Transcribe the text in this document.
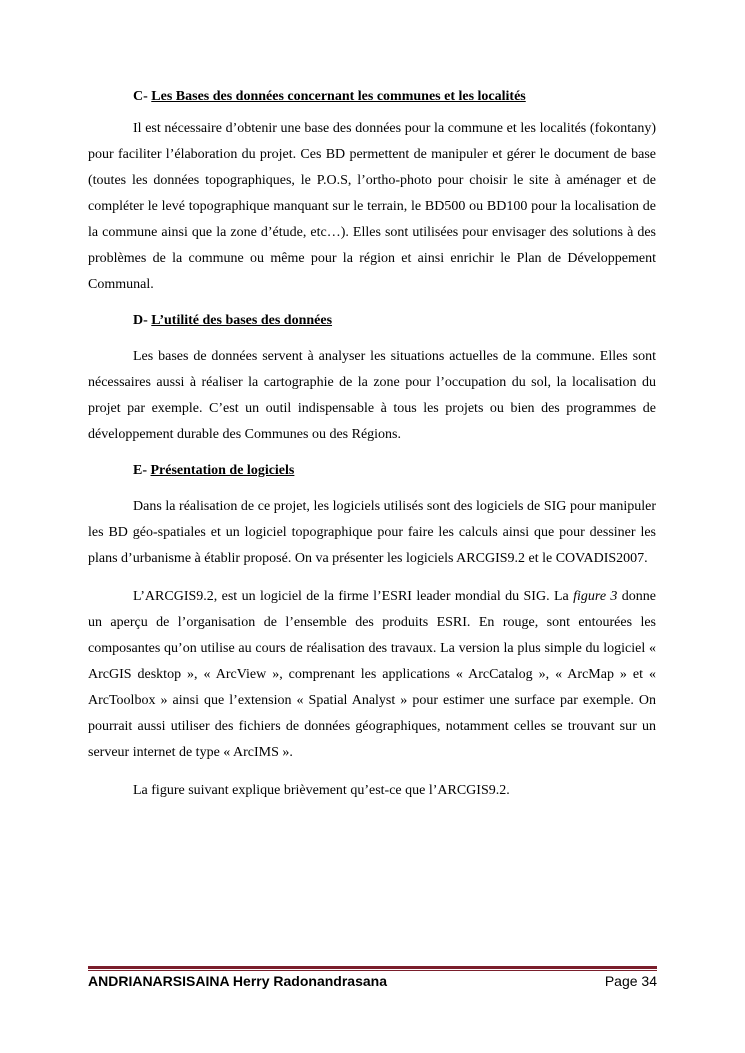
C- Les Bases des données concernant les communes et les localités

Il est nécessaire d’obtenir une base des données pour la commune et les localités (fokontany) pour faciliter l’élaboration du projet. Ces BD permettent de manipuler et gérer le document de base (toutes les données topographiques, le P.O.S, l’ortho-photo pour choisir le site à aménager et de compléter le levé topographique manquant sur le terrain, le BD500 ou BD100 pour la localisation de la commune ainsi que la zone d’étude, etc…). Elles sont utilisées pour envisager des solutions à des problèmes de la commune ou même pour la région et ainsi enrichir le Plan de Développement Communal.

D- L’utilité des bases des données

Les bases de données servent à analyser les situations actuelles de la commune. Elles sont nécessaires aussi à réaliser la cartographie de la zone pour l’occupation du sol, la localisation du projet par exemple. C’est un outil indispensable à tous les projets ou bien des programmes de développement durable des Communes ou des Régions.

E- Présentation de logiciels

Dans la réalisation de ce projet, les logiciels utilisés sont des logiciels de SIG pour manipuler les BD géo-spatiales et un logiciel topographique pour faire les calculs ainsi que pour dessiner les plans d’urbanisme à établir proposé. On va présenter les logiciels ARCGIS9.2 et le COVADIS2007.

L’ARCGIS9.2, est un logiciel de la firme l’ESRI leader mondial du SIG. La figure 3 donne un aperçu de l’organisation de l’ensemble des produits ESRI. En rouge, sont entourées les composantes qu’on utilise au cours de réalisation des travaux. La version la plus simple du logiciel « ArcGIS desktop », « ArcView », comprenant les applications « ArcCatalog », « ArcMap » et « ArcToolbox » ainsi que l’extension « Spatial Analyst » pour estimer une surface par exemple. On pourrait aussi utiliser des fichiers de données géographiques, notamment celles se trouvant sur un serveur internet de type « ArcIMS ».

La figure suivant explique brièvement qu’est-ce que l’ARCGIS9.2.

ANDRIANARSISAINA Herry Radonandrasana	Page 34
